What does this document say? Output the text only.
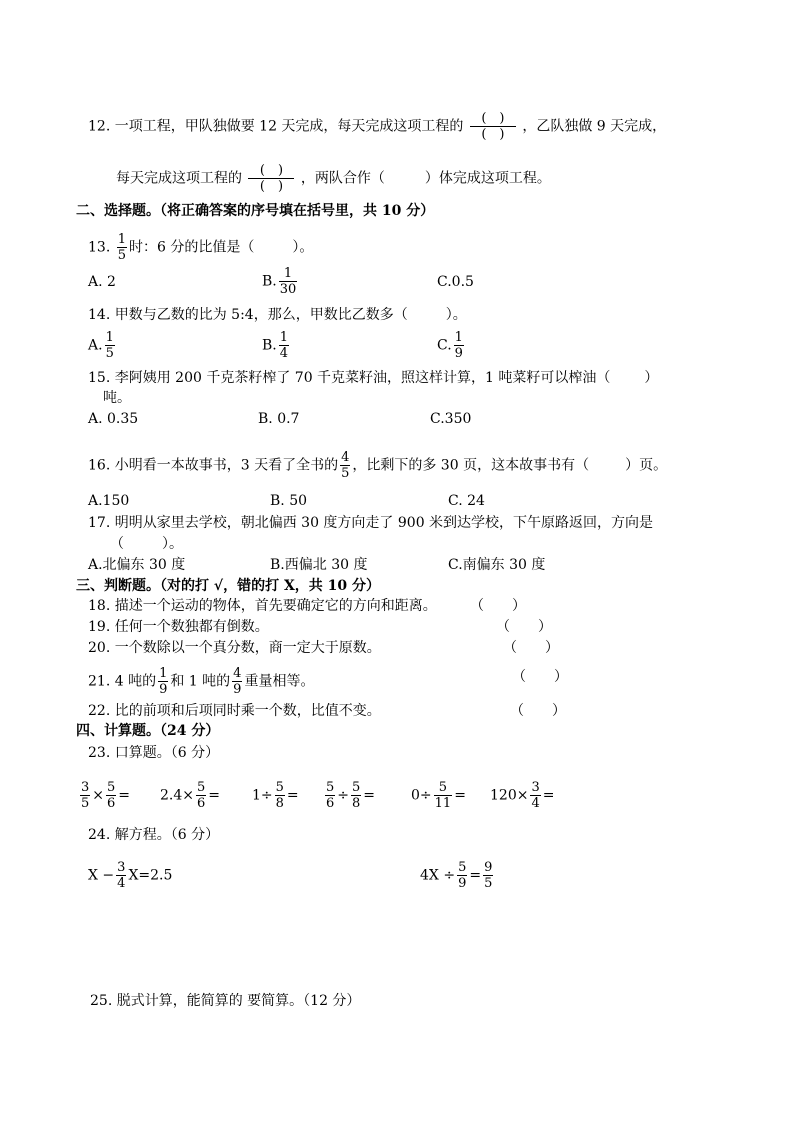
12. 一项工程，甲队独做要 12 天完成，每天完成这项工程的 $\frac{( )}{( )}$ ，乙队独做 9 天完成，
每天完成这项工程的 $\frac{( )}{( )}$ ，两队合作（	）体完成这项工程。
二、选择题。（将正确答案的序号填在括号里，共 10 分）
13. $\frac{1}{5}$ 时：6 分的比值是（	）。
A. 2	B. $\frac{1}{30}$	C.0.5
14. 甲数与乙数的比为 5:4，那么，甲数比乙数多（	）。
A. $\frac{1}{5}$	B. $\frac{1}{4}$	C. $\frac{1}{9}$
15. 李阿姨用 200 千克茶籽榨了 70 千克菜籽油，照这样计算，1 吨菜籽可以榨油（ ）
吨。
A. 0.35	B. 0.7	C.350
16. 小明看一本故事书，3 天看了全书的 $\frac{4}{5}$ ，比剩下的多 30 页，这本故事书有（	）页。
A.150	B. 50	C. 24
17. 明明从家里去学校，朝北偏西 30 度方向走了 900 米到达学校，下午原路返回，方向是
（	）。
A.北偏东 30 度	B.西偏北 30 度	C.南偏东 30 度
三、判断题。（对的打 √，错的打 X，共 10 分）
18. 描述一个运动的物体，首先要确定它的方向和距离。 （　　）
19. 任何一个数独都有倒数。	（　　）
20. 一个数除以一个真分数，商一定大于原数。	（　　）
21. 4 吨的 $\frac{1}{9}$ 和 1 吨的 $\frac{4}{9}$ 重量相等。	（　　）
22. 比的前项和后项同时乘一个数，比值不变。	（　　）
四、计算题。（24 分）
23. 口算题。（6 分）
$\frac{3}{5} \times \frac{5}{6} = 2.4\times \frac{5}{6} = 1\div \frac{5}{8} = \frac{5}{6} \div \frac{5}{8}$ =	$0\div \frac{5}{11} = 120\times \frac{3}{4}$ =
24. 解方程。（6 分）
$X - \frac{3}{4} X=2.5$	$4X \div \frac{5}{9} = \frac{9}{5}$
25. 脱式计算，能简算的 要简算。（12 分）
